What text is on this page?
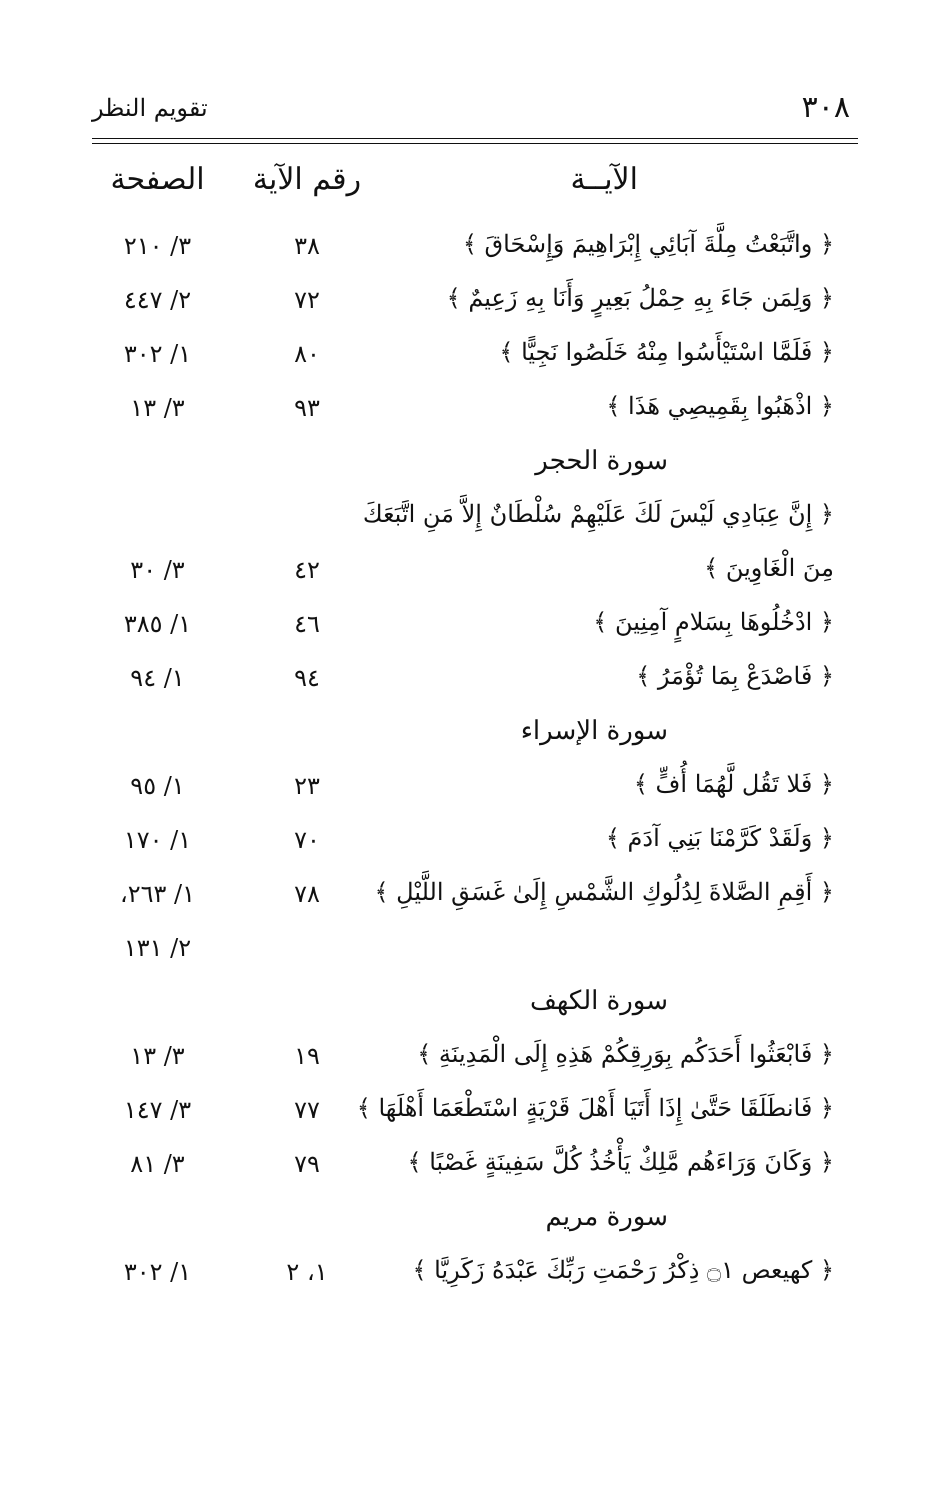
٣٠٨
تقويم النظر
الآيــة
رقم الآية
الصفحة
﴿ واتَّبَعْتُ مِلَّةَ آبَائِي إِبْرَاهِيمَ وَإِسْحَاقَ ﴾
٣٨
٣/ ٢١٠
﴿ وَلِمَن جَاءَ بِهِ حِمْلُ بَعِيرٍ وَأَنَا بِهِ زَعِيمٌ ﴾
٧٢
٢/ ٤٤٧
﴿ فَلَمَّا اسْتَيْأَسُوا مِنْهُ خَلَصُوا نَجِيًّا ﴾
٨٠
١/ ٣٠٢
﴿ اذْهَبُوا بِقَمِيصِي هَذَا ﴾
٩٣
٣/ ١٣
سورة الحجر
﴿ إِنَّ عِبَادِي لَيْسَ لَكَ عَلَيْهِمْ سُلْطَانٌ إِلاَّ مَنِ اتَّبَعَكَ
مِنَ الْغَاوِينَ ﴾
٤٢
٣/ ٣٠
﴿ ادْخُلُوهَا بِسَلامٍ آمِنِينَ ﴾
٤٦
١/ ٣٨٥
﴿ فَاصْدَعْ بِمَا تُؤْمَرُ ﴾
٩٤
١/ ٩٤
سورة الإسراء
﴿ فَلا تَقُل لَّهُمَا أُفٍّ ﴾
٢٣
١/ ٩٥
﴿ وَلَقَدْ كَرَّمْنَا بَنِي آدَمَ ﴾
٧٠
١/ ١٧٠
﴿ أَقِمِ الصَّلاةَ لِدُلُوكِ الشَّمْسِ إِلَىٰ غَسَقِ اللَّيْلِ ﴾
٧٨
١/ ٢٦٣،
٢/ ١٣١
سورة الكهف
﴿ فَابْعَثُوا أَحَدَكُم بِوَرِقِكُمْ هَذِهِ إِلَى الْمَدِينَةِ ﴾
١٩
٣/ ١٣
﴿ فَانطَلَقَا حَتَّىٰ إِذَا أَتَيَا أَهْلَ قَرْيَةٍ اسْتَطْعَمَا أَهْلَهَا ﴾
٧٧
٣/ ١٤٧
﴿ وَكَانَ وَرَاءَهُم مَّلِكٌ يَأْخُذُ كُلَّ سَفِينَةٍ غَصْبًا ﴾
٧٩
٣/ ٨١
سورة مريم
﴿ كهيعص ۝١ ذِكْرُ رَحْمَتِ رَبِّكَ عَبْدَهُ زَكَرِيَّا ﴾
١، ٢
١/ ٣٠٢
